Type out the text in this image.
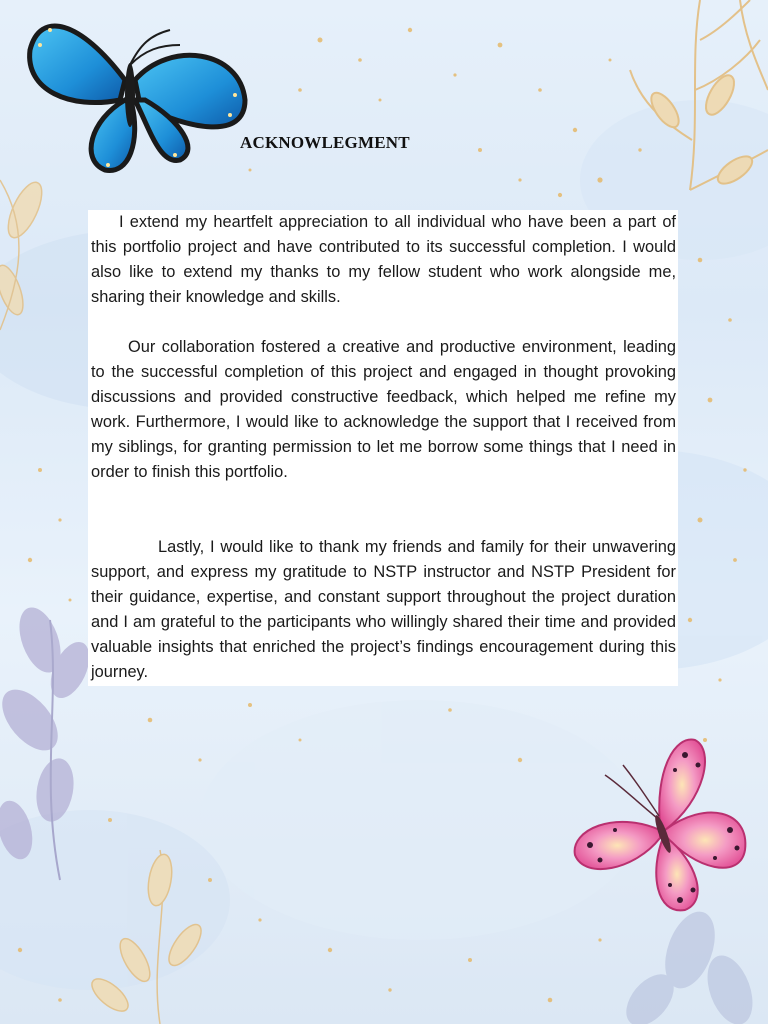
ACKNOWLEGMENT

I extend my heartfelt appreciation to all individual who have been a part of this portfolio project and have contributed to its successful completion. I would also like to extend my thanks to my fellow student who work alongside me, sharing their knowledge and skills.

Our collaboration fostered a creative and productive environment, leading to the successful completion of this project and engaged in thought provoking discussions and provided constructive feedback, which helped me refine my work. Furthermore, I would like to acknowledge the support that I received from my siblings, for granting permission to let me borrow some things that I need in order to finish this portfolio.

Lastly, I would like to thank my friends and family for their unwavering support, and express my gratitude to NSTP instructor and NSTP President for their guidance, expertise, and constant support throughout the project duration and I am grateful to the participants who willingly shared their time and provided valuable insights that enriched the project’s findings encouragement during this journey.
